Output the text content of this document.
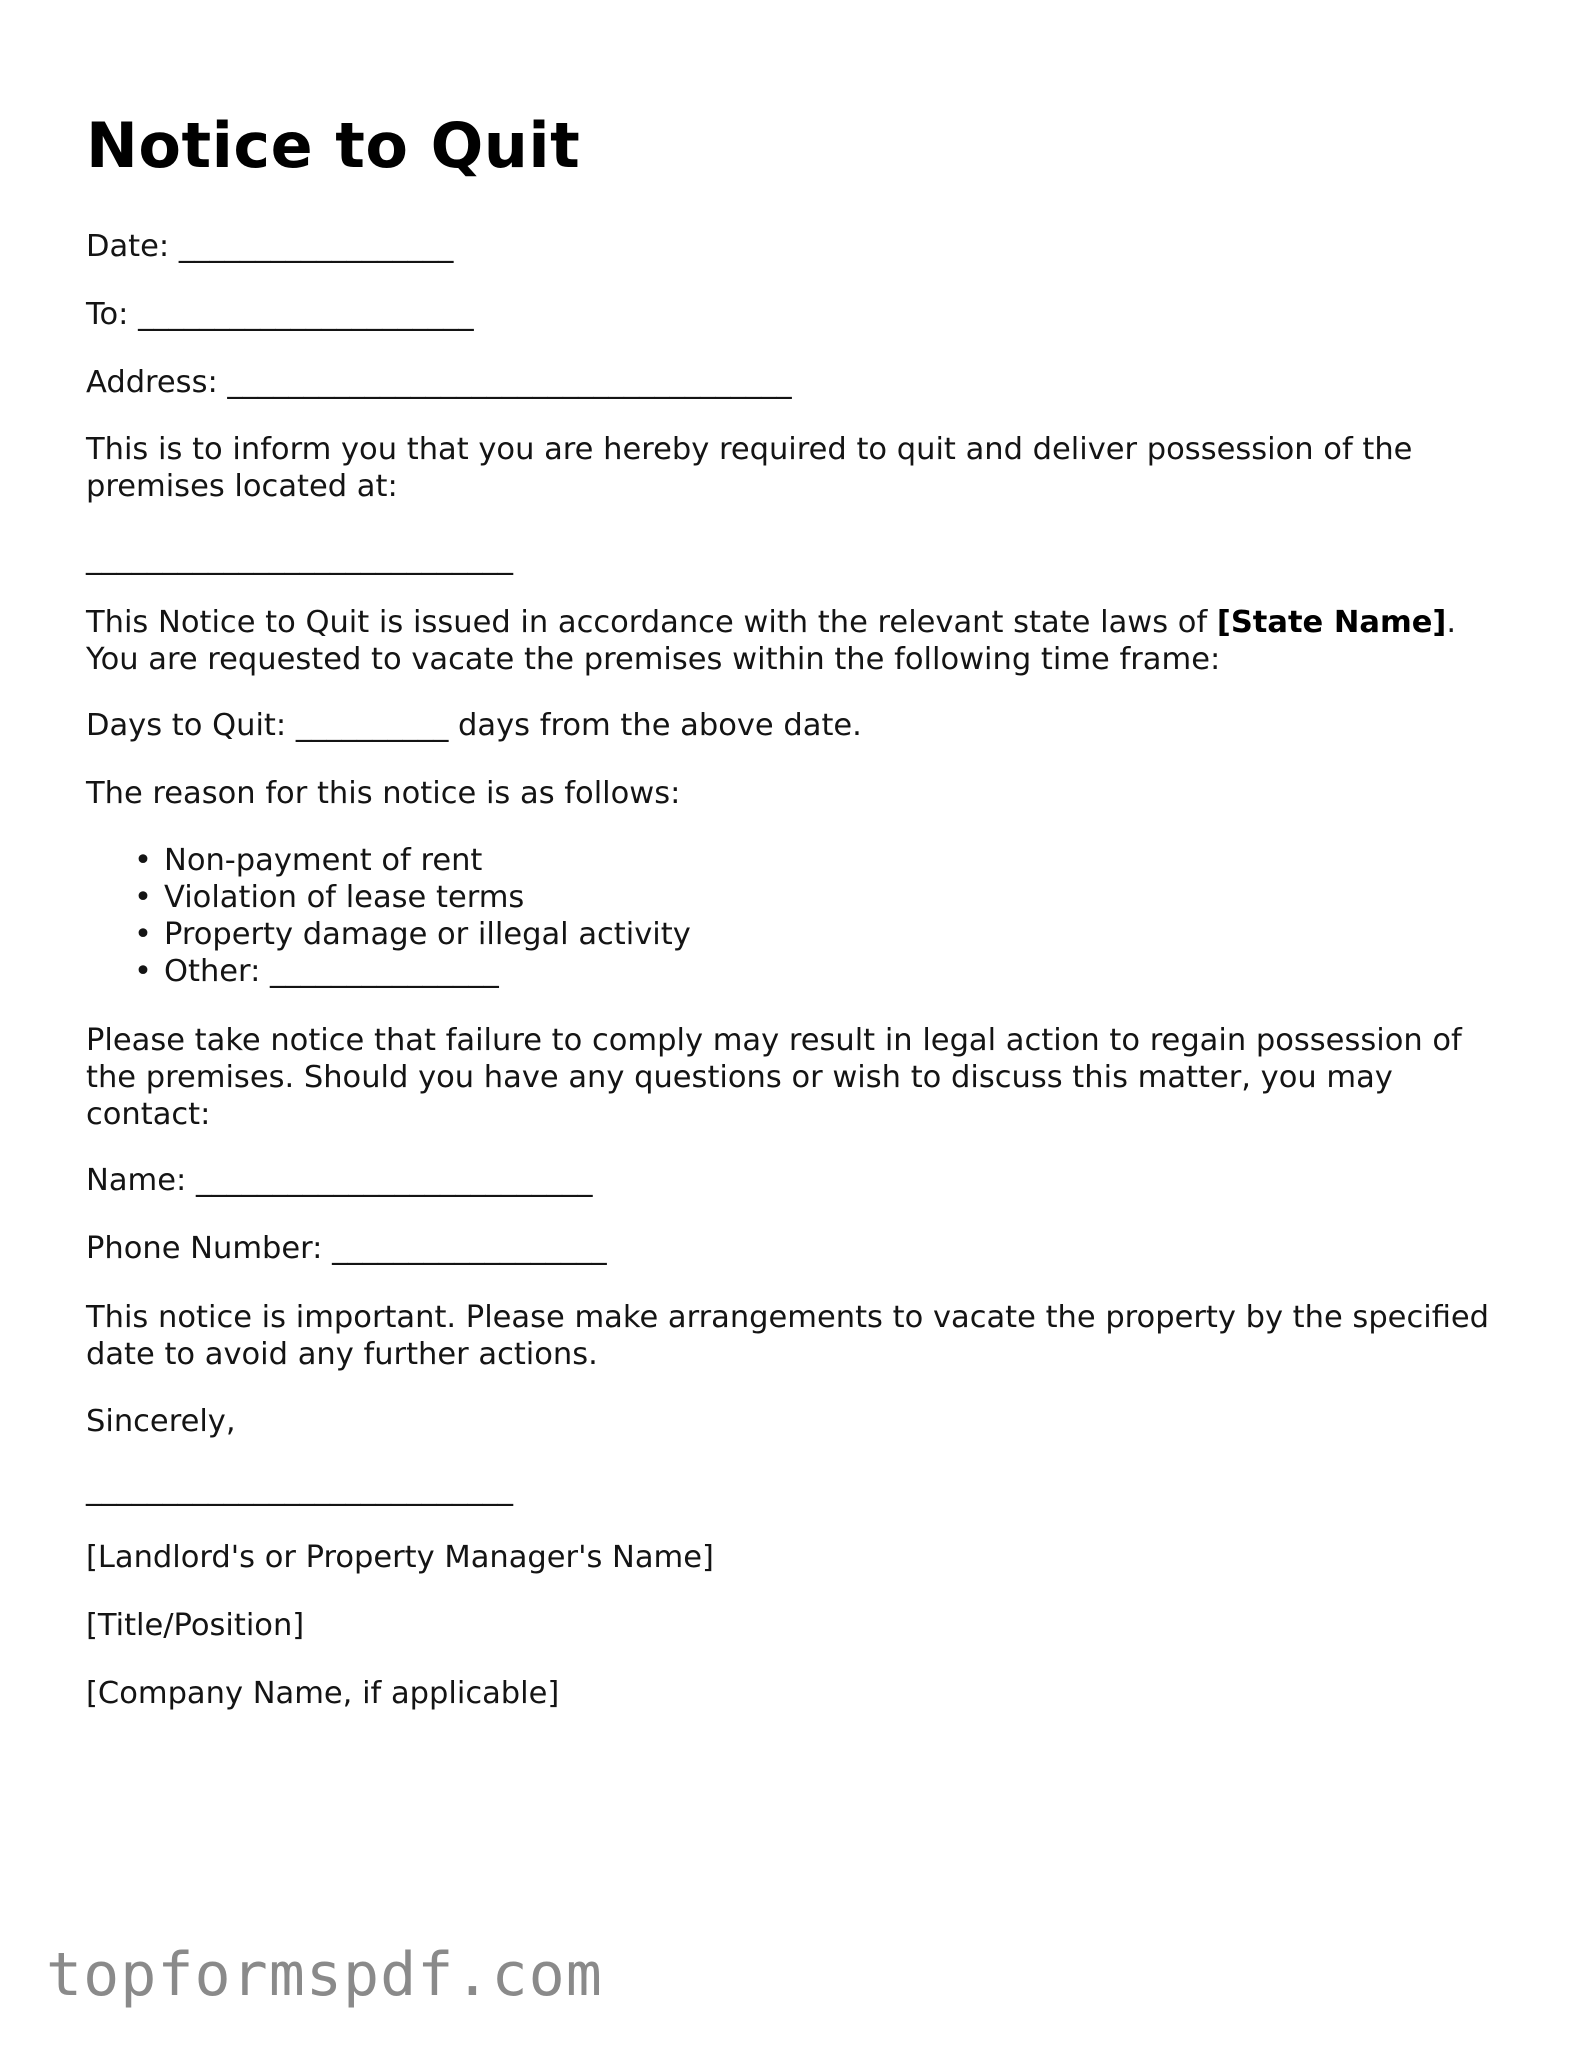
Notice to Quit

Date: __________________

To: ______________________

Address: _____________________________________

This is to inform you that you are hereby required to quit and deliver possession of the premises located at:

____________________________

This Notice to Quit is issued in accordance with the relevant state laws of [State Name]. You are requested to vacate the premises within the following time frame:

Days to Quit: __________ days from the above date.

The reason for this notice is as follows:

• Non-payment of rent
• Violation of lease terms
• Property damage or illegal activity
• Other: _______________

Please take notice that failure to comply may result in legal action to regain possession of the premises. Should you have any questions or wish to discuss this matter, you may contact:

Name: __________________________

Phone Number: __________________

This notice is important. Please make arrangements to vacate the property by the specified date to avoid any further actions.

Sincerely,

____________________________

[Landlord's or Property Manager's Name]

[Title/Position]

[Company Name, if applicable]

topformspdf.com
